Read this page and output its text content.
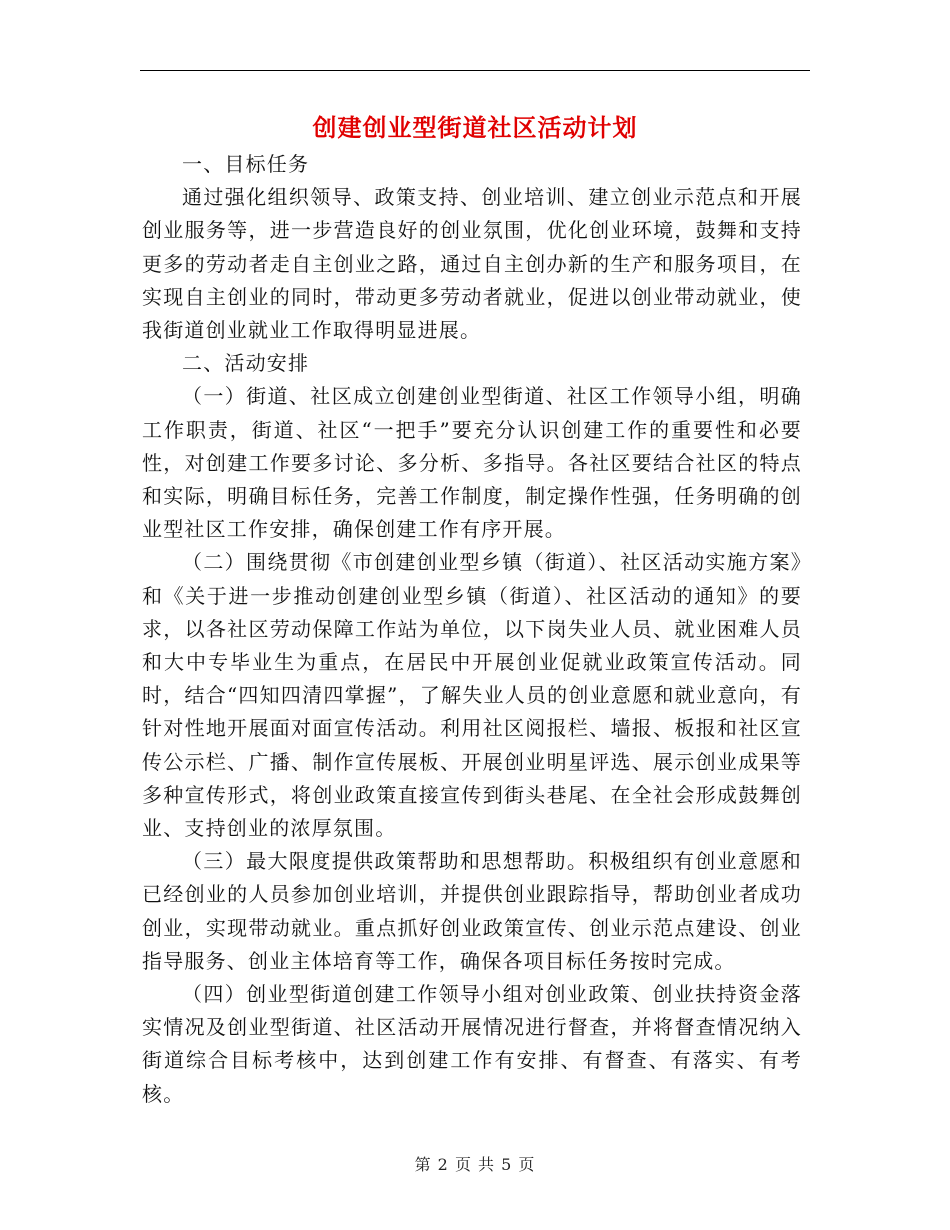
创建创业型街道社区活动计划

一、目标任务

通过强化组织领导、政策支持、创业培训、建立创业示范点和开展创业服务等，进一步营造良好的创业氛围，优化创业环境，鼓舞和支持更多的劳动者走自主创业之路，通过自主创办新的生产和服务项目，在实现自主创业的同时，带动更多劳动者就业，促进以创业带动就业，使我街道创业就业工作取得明显进展。

二、活动安排

（一）街道、社区成立创建创业型街道、社区工作领导小组，明确工作职责，街道、社区“一把手”要充分认识创建工作的重要性和必要性，对创建工作要多讨论、多分析、多指导。各社区要结合社区的特点和实际，明确目标任务，完善工作制度，制定操作性强，任务明确的创业型社区工作安排，确保创建工作有序开展。

（二）围绕贯彻《市创建创业型乡镇（街道）、社区活动实施方案》和《关于进一步推动创建创业型乡镇（街道）、社区活动的通知》的要求，以各社区劳动保障工作站为单位，以下岗失业人员、就业困难人员和大中专毕业生为重点，在居民中开展创业促就业政策宣传活动。同时，结合“四知四清四掌握”，了解失业人员的创业意愿和就业意向，有针对性地开展面对面宣传活动。利用社区阅报栏、墙报、板报和社区宣传公示栏、广播、制作宣传展板、开展创业明星评选、展示创业成果等多种宣传形式，将创业政策直接宣传到街头巷尾、在全社会形成鼓舞创业、支持创业的浓厚氛围。

（三）最大限度提供政策帮助和思想帮助。积极组织有创业意愿和已经创业的人员参加创业培训，并提供创业跟踪指导，帮助创业者成功创业，实现带动就业。重点抓好创业政策宣传、创业示范点建设、创业指导服务、创业主体培育等工作，确保各项目标任务按时完成。

（四）创业型街道创建工作领导小组对创业政策、创业扶持资金落实情况及创业型街道、社区活动开展情况进行督查，并将督查情况纳入街道综合目标考核中，达到创建工作有安排、有督查、有落实、有考核。

第 2 页 共 5 页
